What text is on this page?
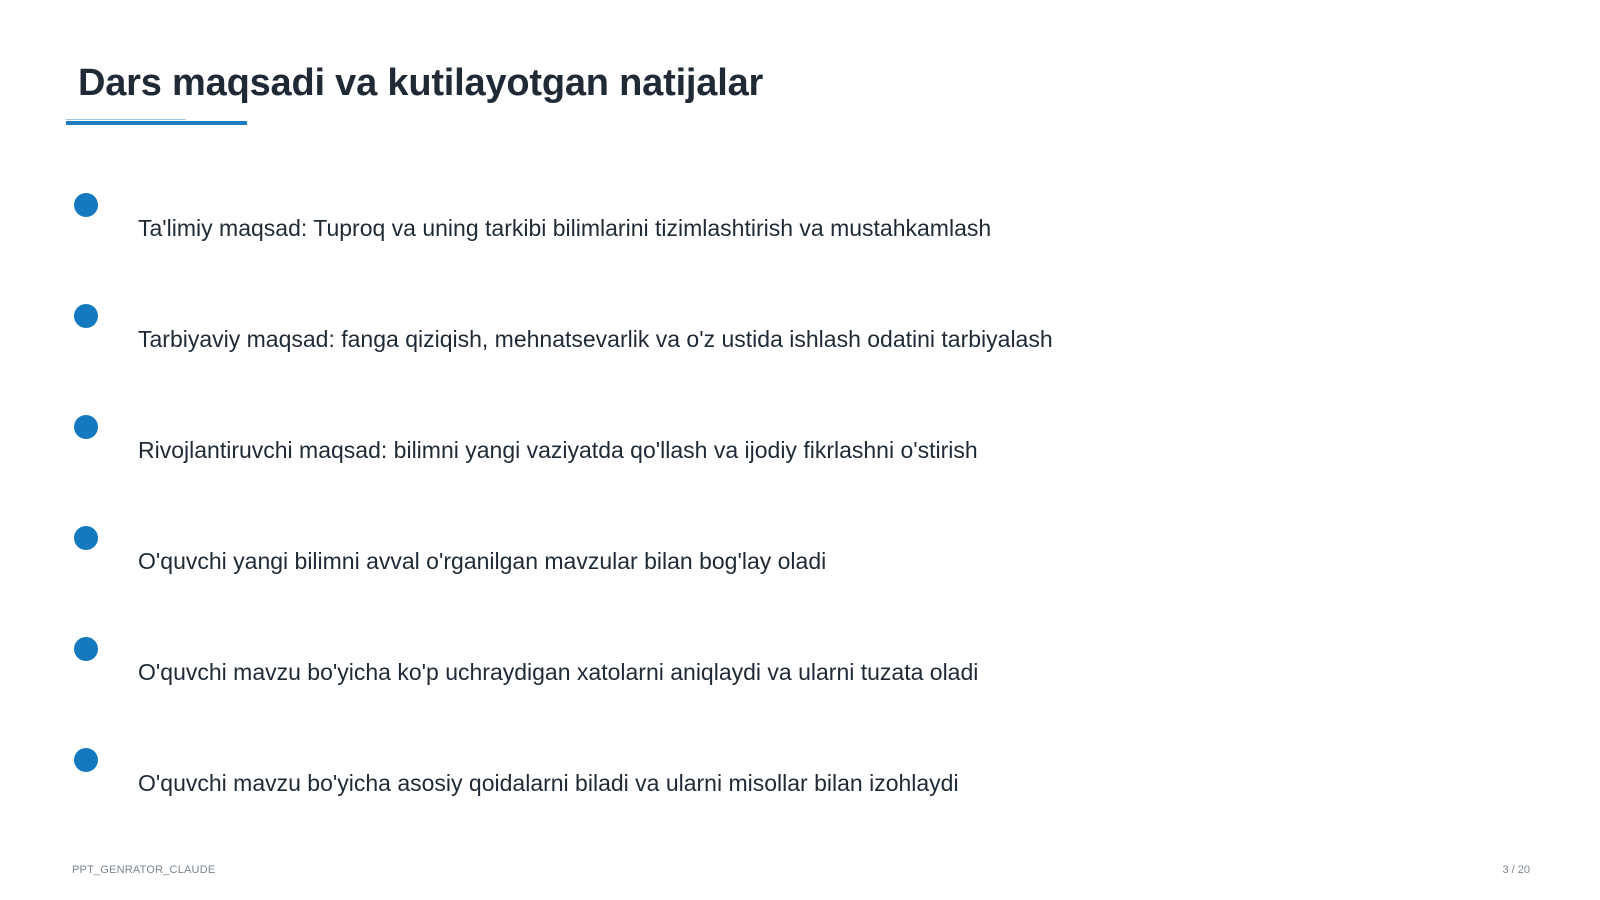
Dars maqsadi va kutilayotgan natijalar
Ta'limiy maqsad: Tuproq va uning tarkibi bilimlarini tizimlashtirish va mustahkamlash
Tarbiyaviy maqsad: fanga qiziqish, mehnatsevarlik va o'z ustida ishlash odatini tarbiyalash
Rivojlantiruvchi maqsad: bilimni yangi vaziyatda qo'llash va ijodiy fikrlashni o'stirish
O'quvchi yangi bilimni avval o'rganilgan mavzular bilan bog'lay oladi
O'quvchi mavzu bo'yicha ko'p uchraydigan xatolarni aniqlaydi va ularni tuzata oladi
O'quvchi mavzu bo'yicha asosiy qoidalarni biladi va ularni misollar bilan izohlaydi
PPT_GENRATOR_CLAUDE	3 / 20
